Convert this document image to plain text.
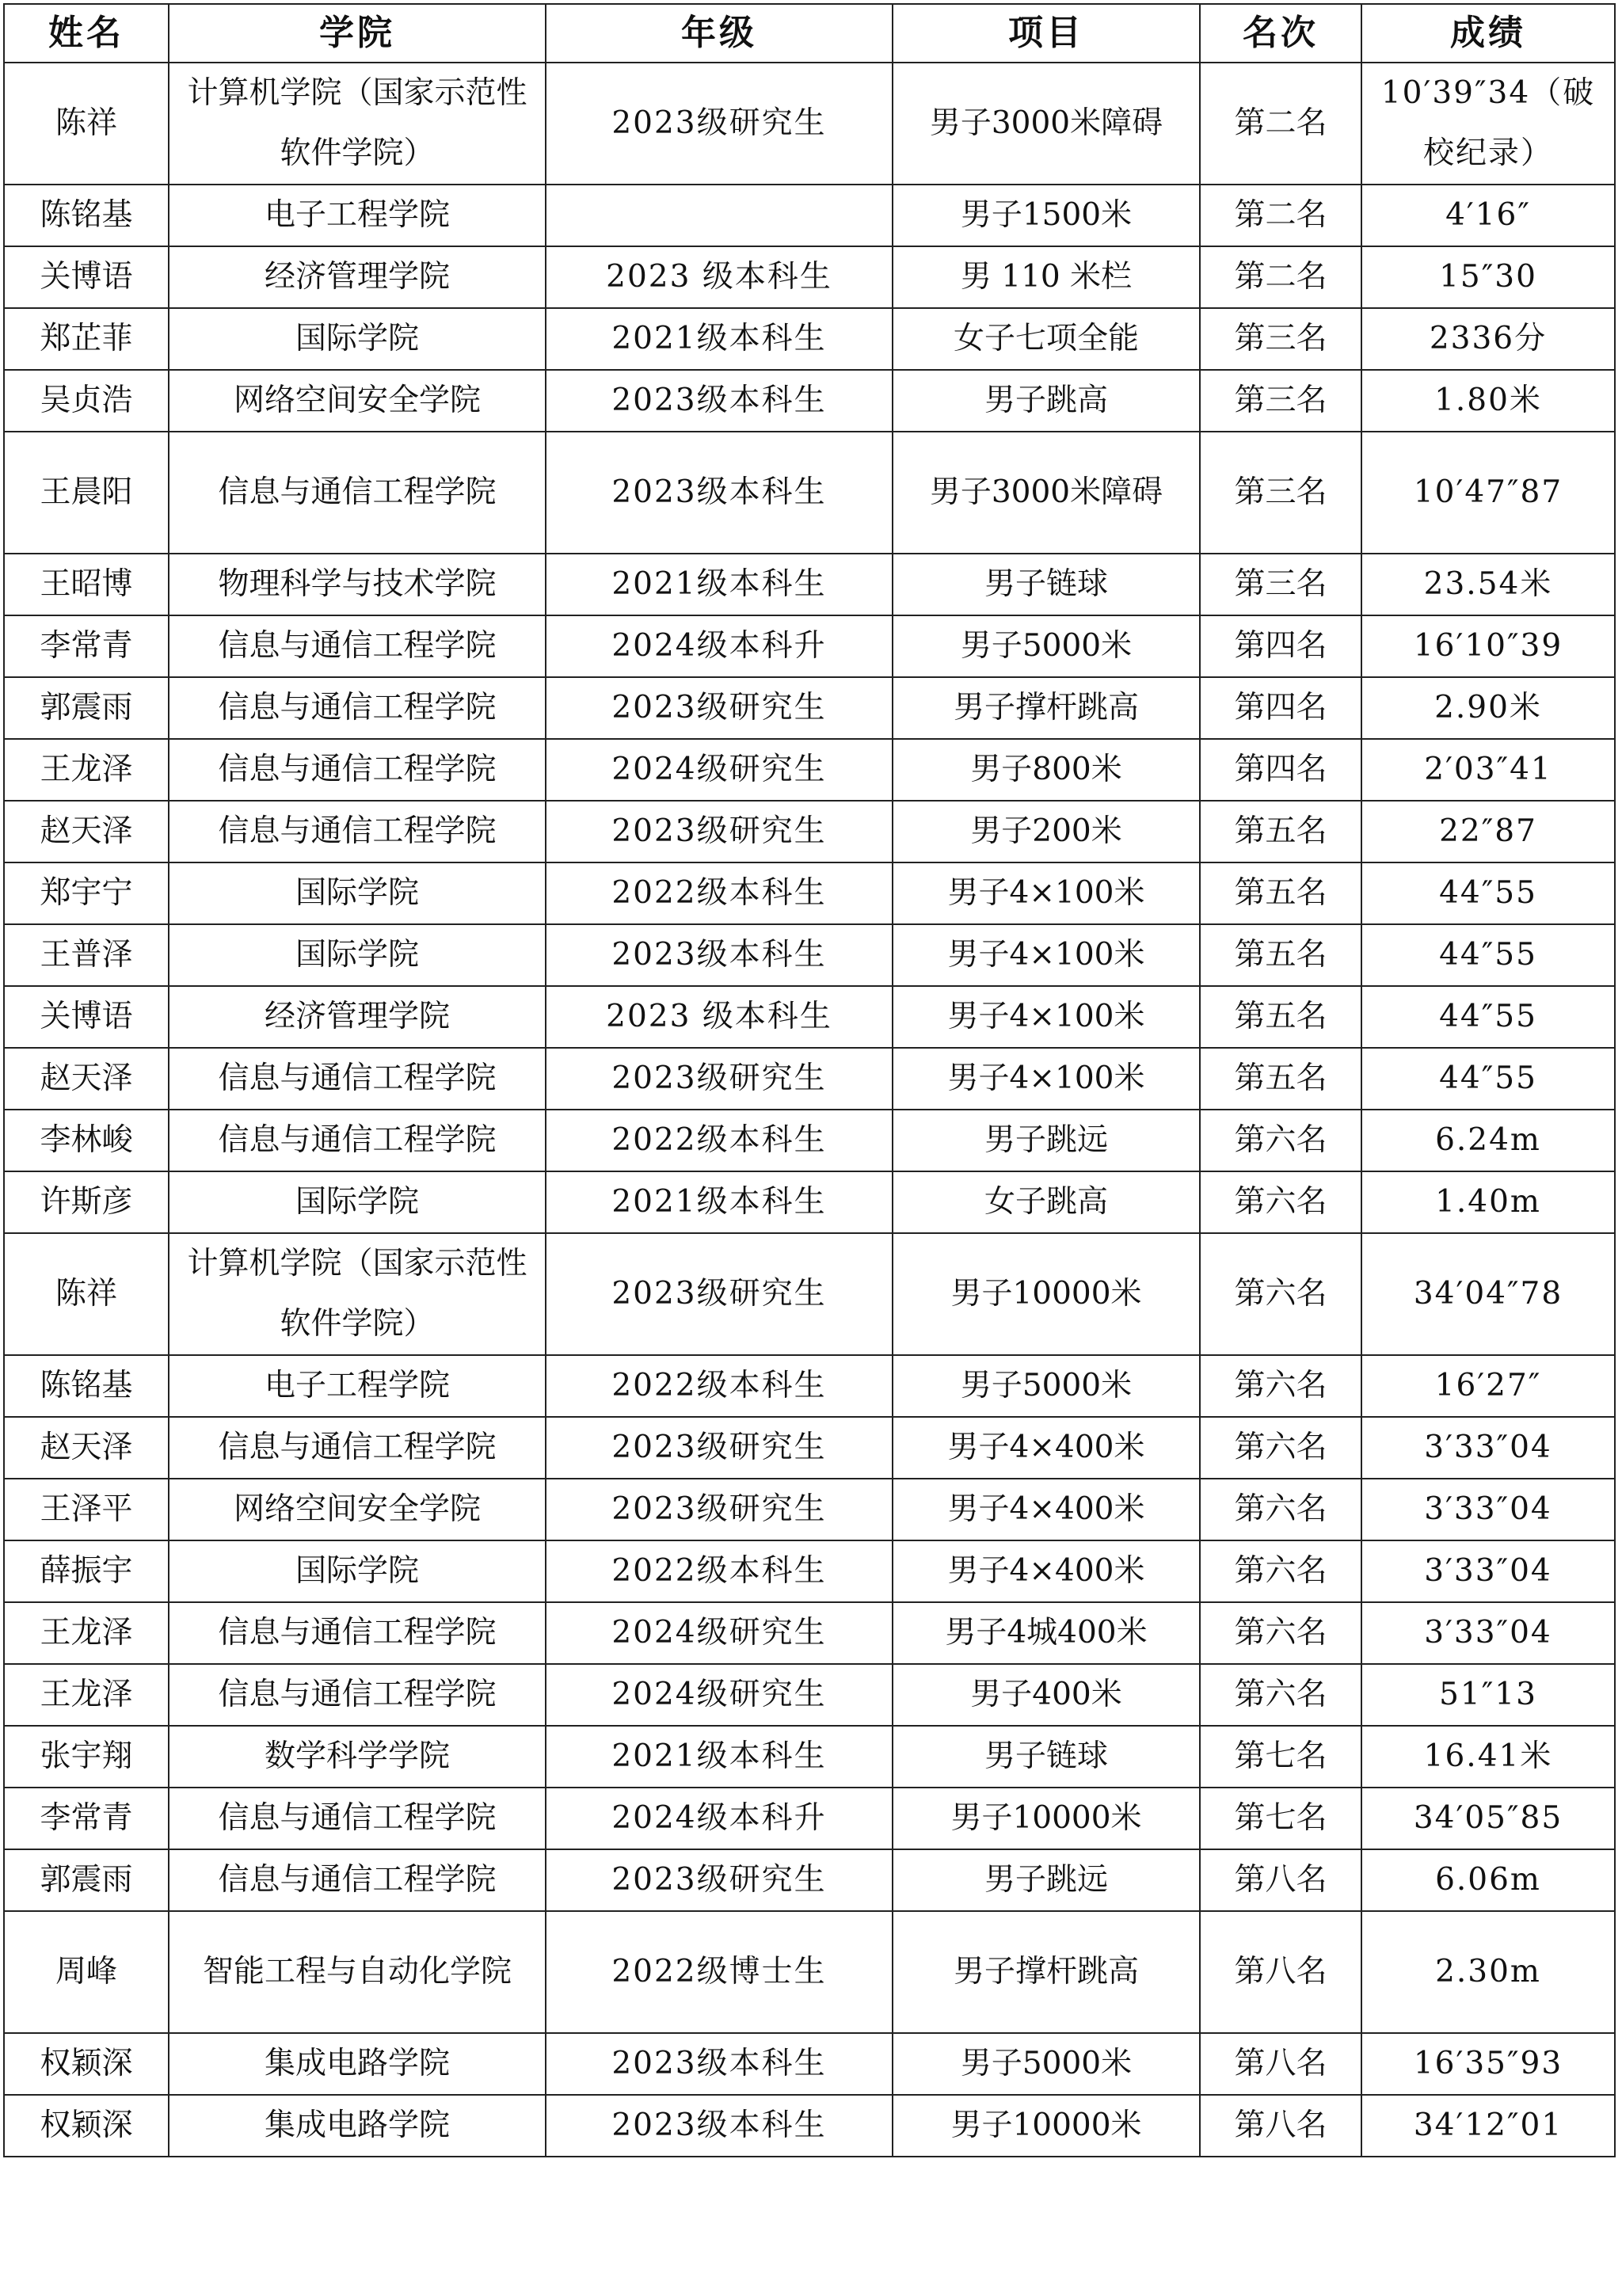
姓名	学院	年级	项目	名次	成绩
陈祥	计算机学院（国家示范性软件学院）	2023级研究生	男子3000米障碍	第二名	10′39″34（破校纪录）
陈铭基	电子工程学院		男子1500米	第二名	4′16″
关博语	经济管理学院	2023 级本科生	男 110 米栏	第二名	15″30
郑芷菲	国际学院	2021级本科生	女子七项全能	第三名	2336分
吴贞浩	网络空间安全学院	2023级本科生	男子跳高	第三名	1.80米
王晨阳	信息与通信工程学院	2023级本科生	男子3000米障碍	第三名	10′47″87
王昭博	物理科学与技术学院	2021级本科生	男子链球	第三名	23.54米
李常青	信息与通信工程学院	2024级本科升	男子5000米	第四名	16′10″39
郭震雨	信息与通信工程学院	2023级研究生	男子撑杆跳高	第四名	2.90米
王龙泽	信息与通信工程学院	2024级研究生	男子800米	第四名	2′03″41
赵天泽	信息与通信工程学院	2023级研究生	男子200米	第五名	22″87
郑宇宁	国际学院	2022级本科生	男子4×100米	第五名	44″55
王普泽	国际学院	2023级本科生	男子4×100米	第五名	44″55
关博语	经济管理学院	2023 级本科生	男子4×100米	第五名	44″55
赵天泽	信息与通信工程学院	2023级研究生	男子4×100米	第五名	44″55
李林峻	信息与通信工程学院	2022级本科生	男子跳远	第六名	6.24m
许斯彦	国际学院	2021级本科生	女子跳高	第六名	1.40m
陈祥	计算机学院（国家示范性软件学院）	2023级研究生	男子10000米	第六名	34′04″78
陈铭基	电子工程学院	2022级本科生	男子5000米	第六名	16′27″
赵天泽	信息与通信工程学院	2023级研究生	男子4×400米	第六名	3′33″04
王泽平	网络空间安全学院	2023级研究生	男子4×400米	第六名	3′33″04
薛振宇	国际学院	2022级本科生	男子4×400米	第六名	3′33″04
王龙泽	信息与通信工程学院	2024级研究生	男子4城400米	第六名	3′33″04
王龙泽	信息与通信工程学院	2024级研究生	男子400米	第六名	51″13
张宇翔	数学科学学院	2021级本科生	男子链球	第七名	16.41米
李常青	信息与通信工程学院	2024级本科升	男子10000米	第七名	34′05″85
郭震雨	信息与通信工程学院	2023级研究生	男子跳远	第八名	6.06m
周峰	智能工程与自动化学院	2022级博士生	男子撑杆跳高	第八名	2.30m
权颖深	集成电路学院	2023级本科生	男子5000米	第八名	16′35″93
权颖深	集成电路学院	2023级本科生	男子10000米	第八名	34′12″01
